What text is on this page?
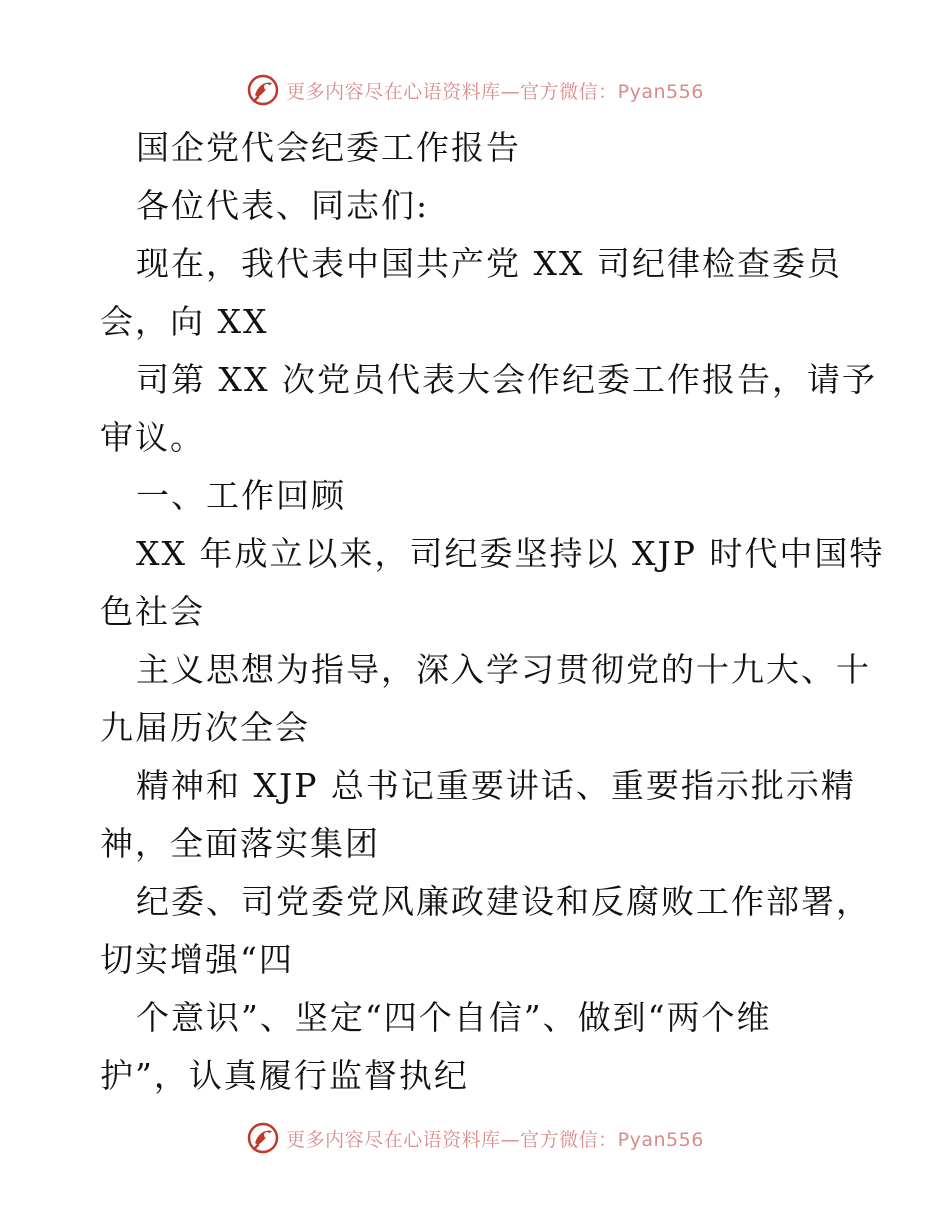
更多内容尽在心语资料库—官方微信：Pyan556
国企党代会纪委工作报告
各位代表、同志们:
现在，我代表中国共产党 XX 司纪律检查委员
会，向 XX
司第 XX 次党员代表大会作纪委工作报告，请予
审议。
一、工作回顾
XX 年成立以来，司纪委坚持以 XJP 时代中国特
色社会
主义思想为指导，深入学习贯彻党的十九大、十
九届历次全会
精神和 XJP 总书记重要讲话、重要指示批示精
神，全面落实集团
纪委、司党委党风廉政建设和反腐败工作部署，
切实增强“四
个意识”、坚定“四个自信”、做到“两个维
护”，认真履行监督执纪
更多内容尽在心语资料库—官方微信：Pyan556
